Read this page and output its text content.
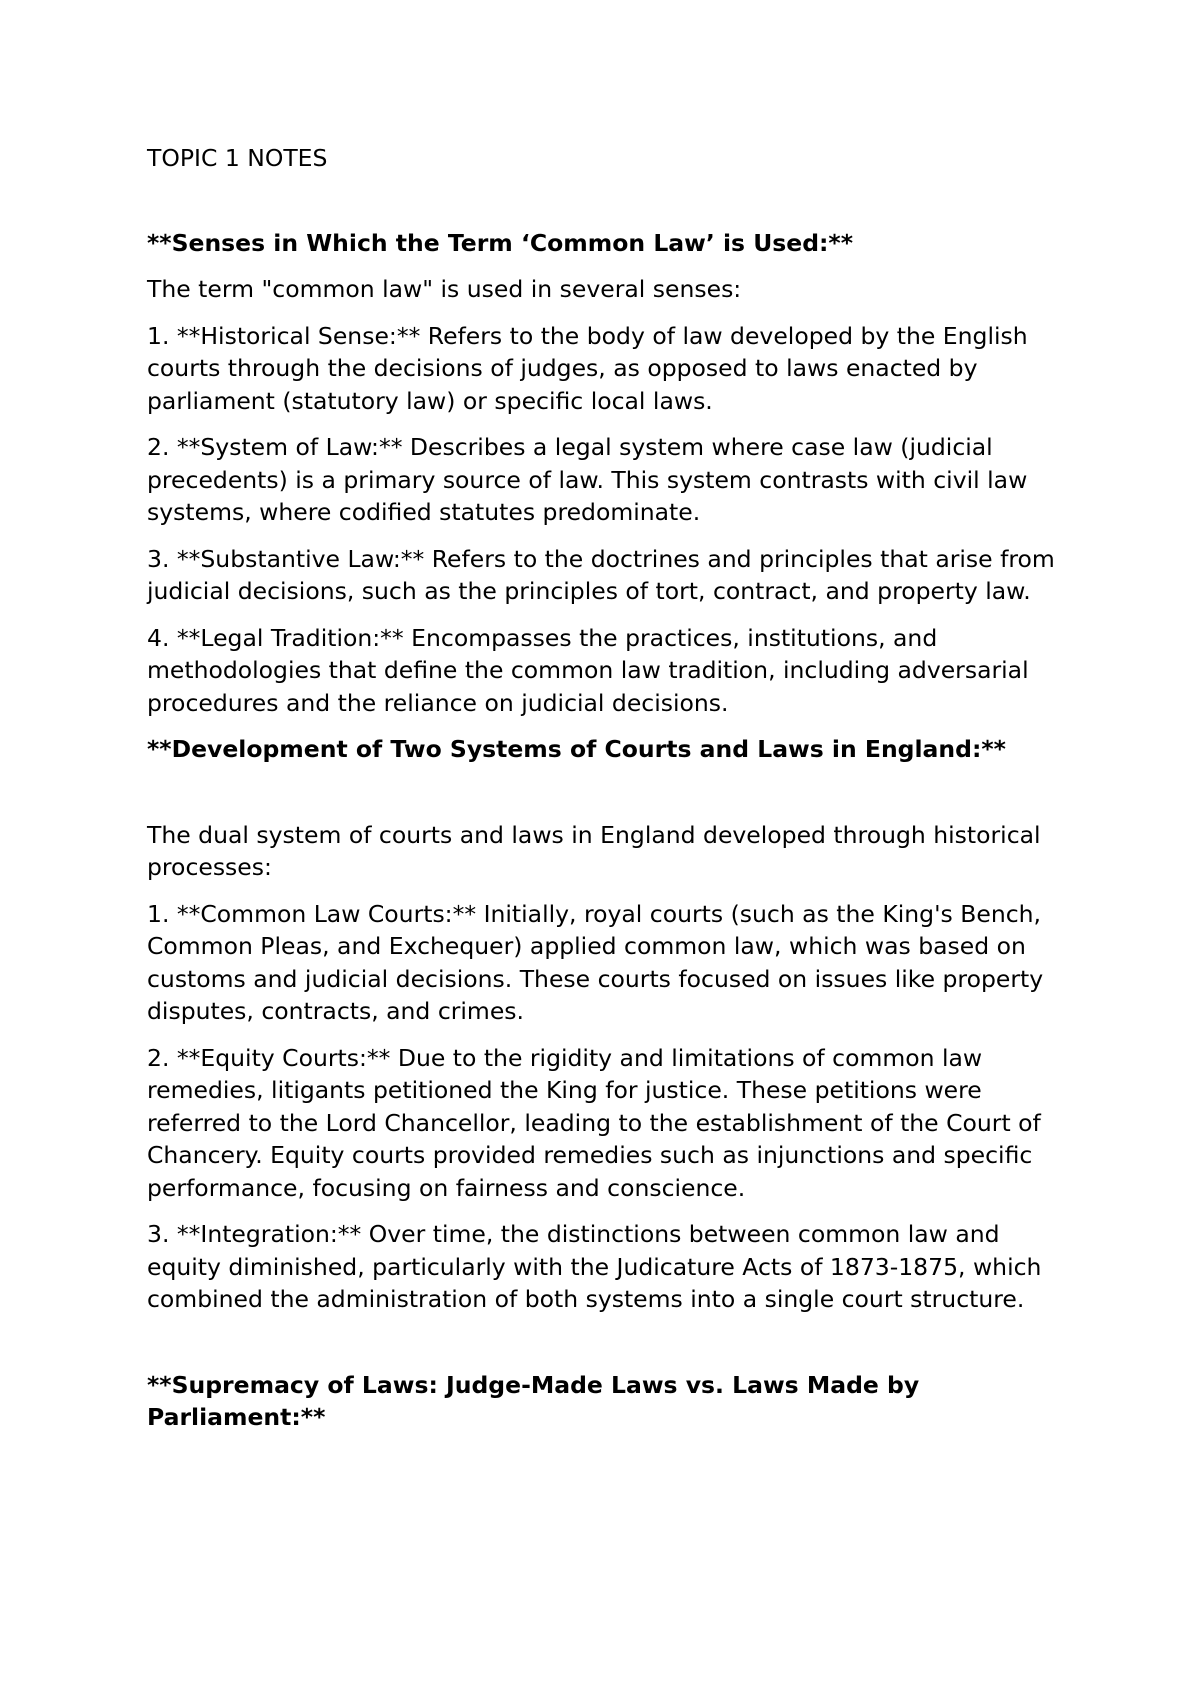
TOPIC 1 NOTES

**Senses in Which the Term ‘Common Law’ is Used:**

The term "common law" is used in several senses:

1. **Historical Sense:** Refers to the body of law developed by the English courts through the decisions of judges, as opposed to laws enacted by parliament (statutory law) or specific local laws.

2. **System of Law:** Describes a legal system where case law (judicial precedents) is a primary source of law. This system contrasts with civil law systems, where codified statutes predominate.

3. **Substantive Law:** Refers to the doctrines and principles that arise from judicial decisions, such as the principles of tort, contract, and property law.

4. **Legal Tradition:** Encompasses the practices, institutions, and methodologies that define the common law tradition, including adversarial procedures and the reliance on judicial decisions.

**Development of Two Systems of Courts and Laws in England:**

The dual system of courts and laws in England developed through historical processes:

1. **Common Law Courts:** Initially, royal courts (such as the King's Bench, Common Pleas, and Exchequer) applied common law, which was based on customs and judicial decisions. These courts focused on issues like property disputes, contracts, and crimes.

2. **Equity Courts:** Due to the rigidity and limitations of common law remedies, litigants petitioned the King for justice. These petitions were referred to the Lord Chancellor, leading to the establishment of the Court of Chancery. Equity courts provided remedies such as injunctions and specific performance, focusing on fairness and conscience.

3. **Integration:** Over time, the distinctions between common law and equity diminished, particularly with the Judicature Acts of 1873-1875, which combined the administration of both systems into a single court structure.

**Supremacy of Laws: Judge-Made Laws vs. Laws Made by Parliament:**
